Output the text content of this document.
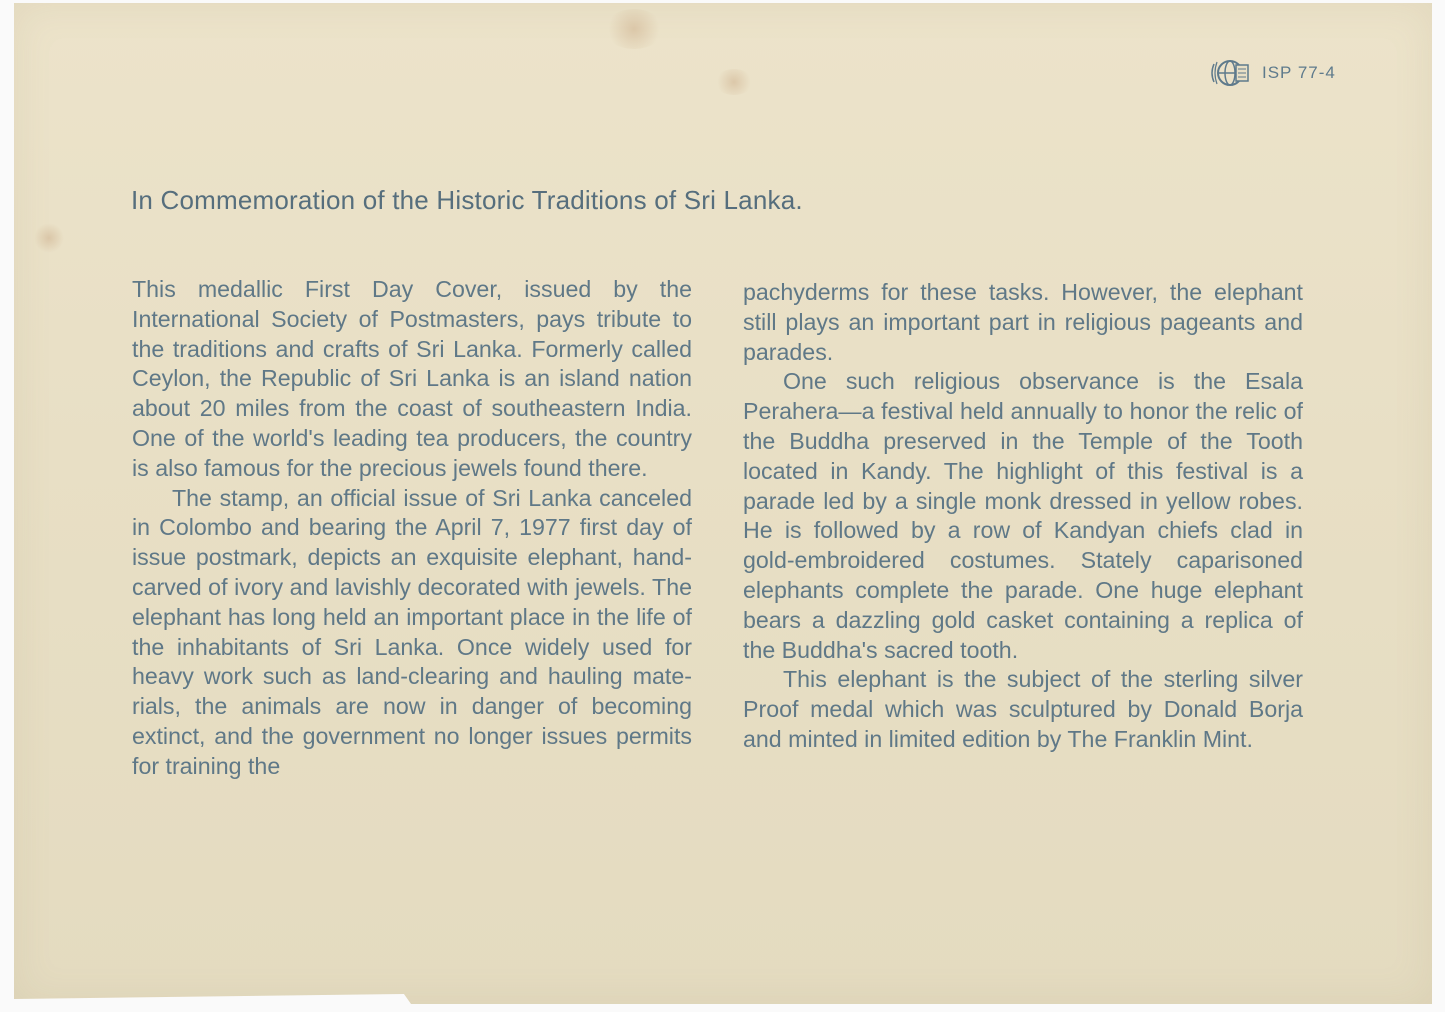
ISP 77-4
In Commemoration of the Historic Traditions of Sri Lanka.

This medallic First Day Cover, issued by the International Society of Postmasters, pays tribute to the traditions and crafts of Sri Lanka. Formerly called Ceylon, the Republic of Sri Lanka is an island nation about 20 miles from the coast of southeastern India. One of the world's leading tea producers, the country is also famous for the precious jewels found there.

The stamp, an official issue of Sri Lanka canceled in Colombo and bearing the April 7, 1977 first day of issue postmark, depicts an exquisite elephant, hand-carved of ivory and lavishly decorated with jewels. The elephant has long held an important place in the life of the inhabitants of Sri Lanka. Once widely used for heavy work such as land-clearing and hauling materials, the animals are now in danger of becoming extinct, and the government no longer issues permits for training the

pachyderms for these tasks. However, the elephant still plays an important part in religious pageants and parades.

One such religious observance is the Esala Perahera—a festival held annually to honor the relic of the Buddha preserved in the Temple of the Tooth located in Kandy. The highlight of this festival is a parade led by a single monk dressed in yellow robes. He is followed by a row of Kandyan chiefs clad in gold-embroidered costumes. Stately caparisoned elephants complete the parade. One huge elephant bears a dazzling gold casket containing a replica of the Buddha's sacred tooth.

This elephant is the subject of the sterling silver Proof medal which was sculptured by Donald Borja and minted in limited edition by The Franklin Mint.
